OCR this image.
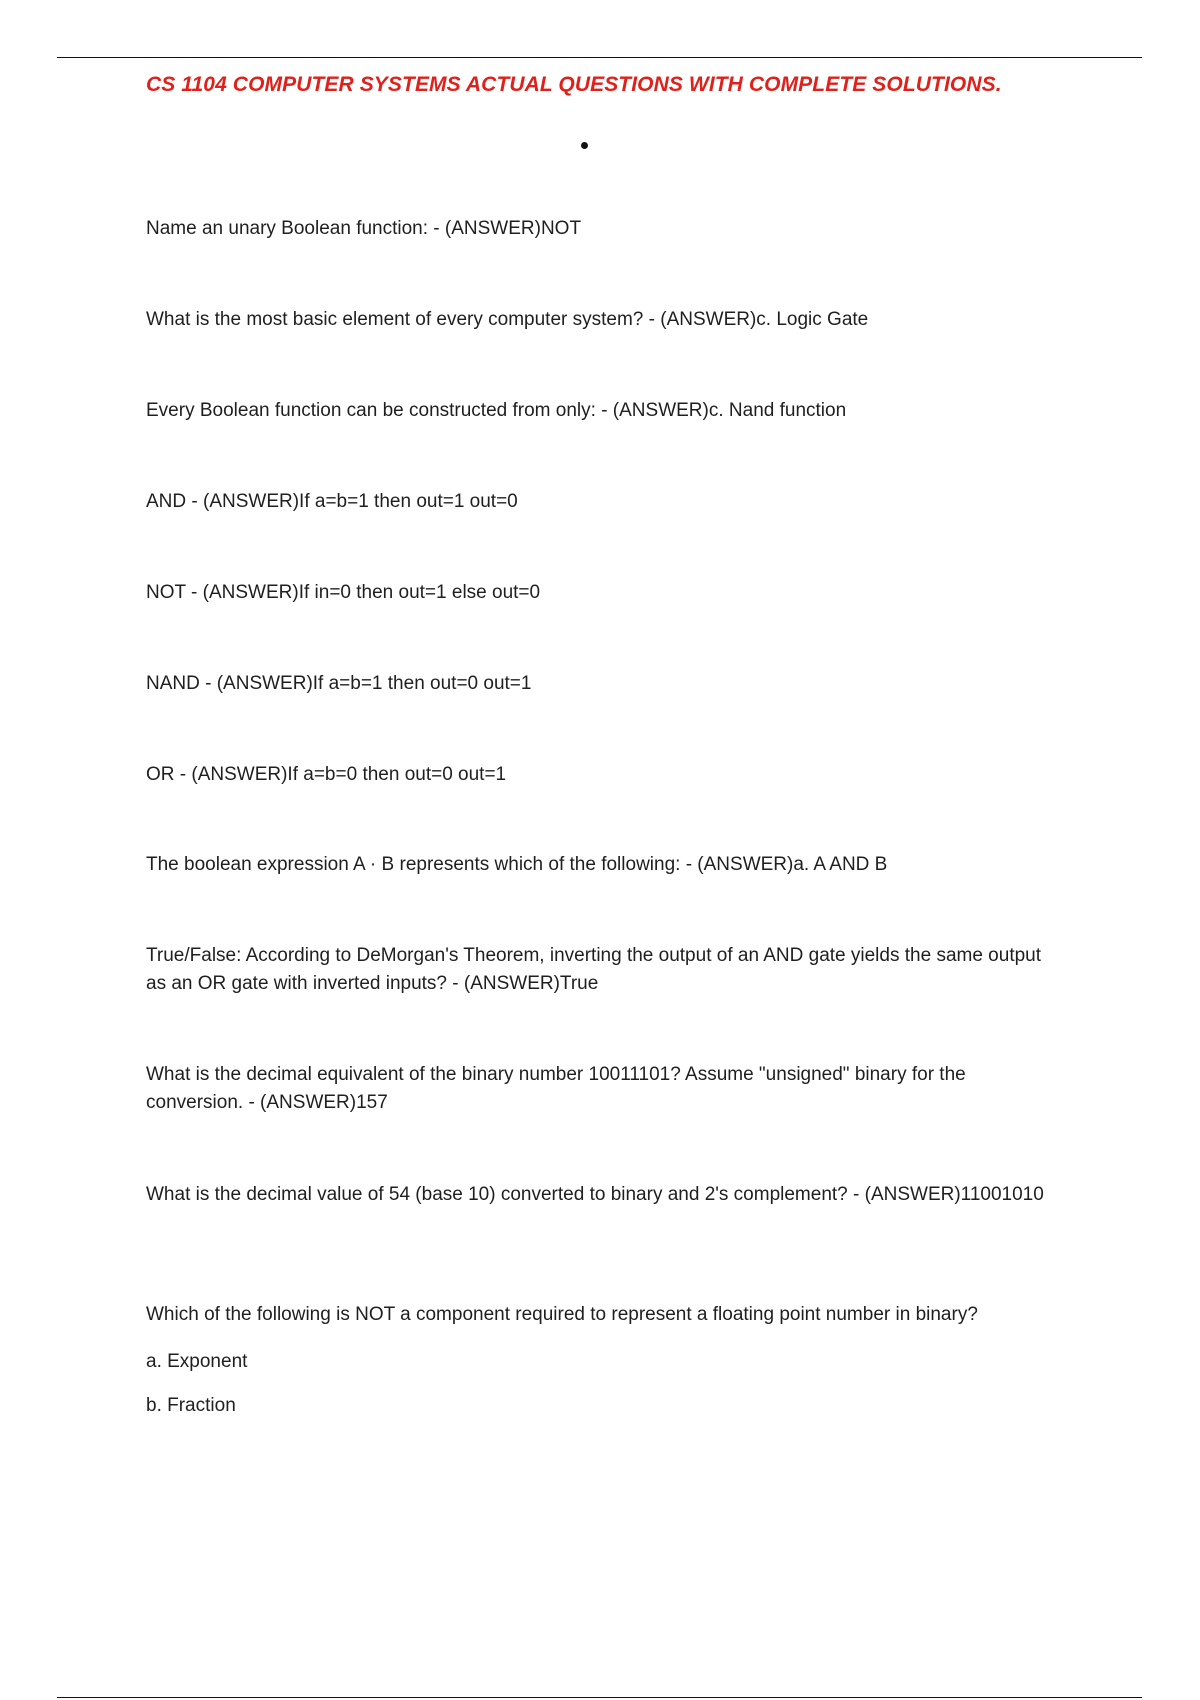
CS 1104 COMPUTER SYSTEMS ACTUAL QUESTIONS WITH COMPLETE SOLUTIONS.

Name an unary Boolean function: - (ANSWER)NOT

What is the most basic element of every computer system? - (ANSWER)c. Logic Gate

Every Boolean function can be constructed from only: - (ANSWER)c. Nand function

AND - (ANSWER)If a=b=1 then out=1 out=0

NOT - (ANSWER)If in=0 then out=1 else out=0

NAND - (ANSWER)If a=b=1 then out=0 out=1

OR - (ANSWER)If a=b=0 then out=0 out=1

The boolean expression A · B represents which of the following: - (ANSWER)a. A AND B

True/False: According to DeMorgan's Theorem, inverting the output of an AND gate yields the same output as an OR gate with inverted inputs? - (ANSWER)True

What is the decimal equivalent of the binary number 10011101? Assume "unsigned" binary for the conversion. - (ANSWER)157

What is the decimal value of 54 (base 10) converted to binary and 2's complement? - (ANSWER)11001010

Which of the following is NOT a component required to represent a floating point number in binary?

a. Exponent

b. Fraction
